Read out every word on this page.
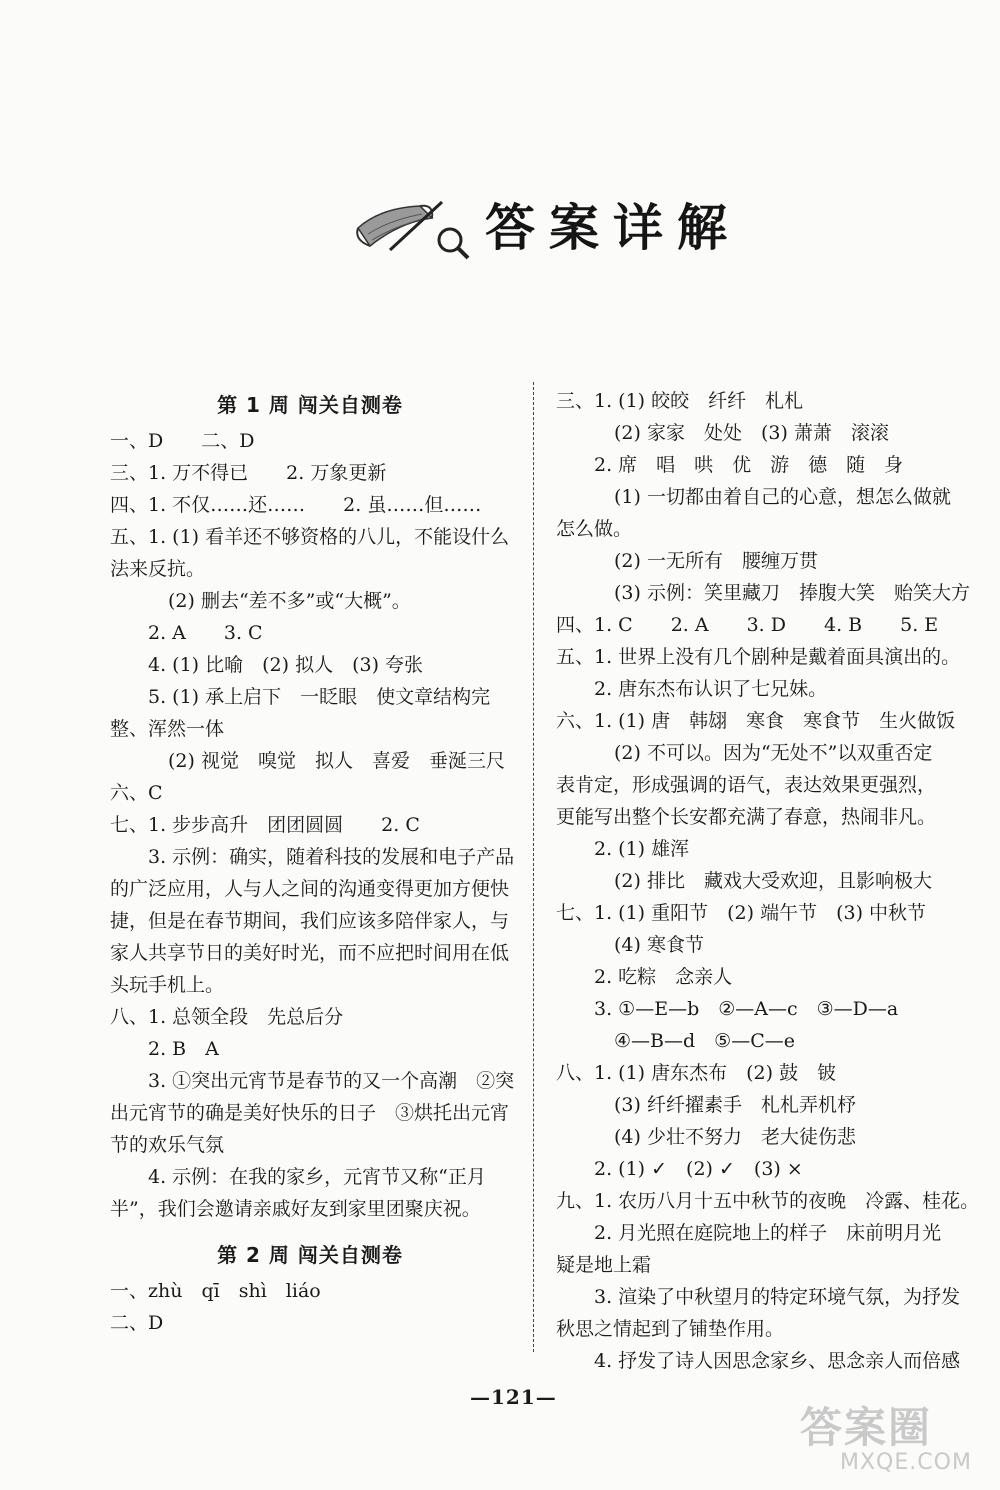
答案详解
第 1 周 闯关自测卷
一、D　　二、D
三、1. 万不得已　　2. 万象更新
四、1. 不仅……还……　　2. 虽……但……
五、1. (1) 看羊还不够资格的八儿，不能设什么
法来反抗。
(2) 删去“差不多”或“大概”。
2. A　　3. C
4. (1) 比喻　(2) 拟人　(3) 夸张
5. (1) 承上启下　一眨眼　使文章结构完
整、浑然一体
(2) 视觉　嗅觉　拟人　喜爱　垂涎三尺
六、C
七、1. 步步高升　团团圆圆　　2. C
3. 示例：确实，随着科技的发展和电子产品
的广泛应用，人与人之间的沟通变得更加方便快
捷，但是在春节期间，我们应该多陪伴家人，与
家人共享节日的美好时光，而不应把时间用在低
头玩手机上。
八、1. 总领全段　先总后分
2. B　A
3. ①突出元宵节是春节的又一个高潮　②突
出元宵节的确是美好快乐的日子　③烘托出元宵
节的欢乐气氛
4. 示例：在我的家乡，元宵节又称“正月
半”，我们会邀请亲戚好友到家里团聚庆祝。
第 2 周 闯关自测卷
一、zhù　qī　shì　liáo
二、D
三、1. (1) 皎皎　纤纤　札札
(2) 家家　处处　(3) 萧萧　滚滚
2. 席　唱　哄　优　游　德　随　身
(1) 一切都由着自己的心意，想怎么做就
怎么做。
(2) 一无所有　腰缠万贯
(3) 示例：笑里藏刀　捧腹大笑　贻笑大方
四、1. C　　2. A　　3. D　　4. B　　5. E
五、1. 世界上没有几个剧种是戴着面具演出的。
2. 唐东杰布认识了七兄妹。
六、1. (1) 唐　韩翃　寒食　寒食节　生火做饭
(2) 不可以。因为“无处不”以双重否定
表肯定，形成强调的语气，表达效果更强烈，
更能写出整个长安都充满了春意，热闹非凡。
2. (1) 雄浑
(2) 排比　藏戏大受欢迎，且影响极大
七、1. (1) 重阳节　(2) 端午节　(3) 中秋节
(4) 寒食节
2. 吃粽　念亲人
3. ①—E—b　②—A—c　③—D—a
④—B—d　⑤—C—e
八、1. (1) 唐东杰布　(2) 鼓　铍
(3) 纤纤擢素手　札札弄机杼
(4) 少壮不努力　老大徒伤悲
2. (1) ✓　(2) ✓　(3) ×
九、1. 农历八月十五中秋节的夜晚　冷露、桂花。
2. 月光照在庭院地上的样子　床前明月光
疑是地上霜
3. 渲染了中秋望月的特定环境气氛，为抒发
秋思之情起到了铺垫作用。
4. 抒发了诗人因思念家乡、思念亲人而倍感
—121—
答案圈
MXQE.COM
